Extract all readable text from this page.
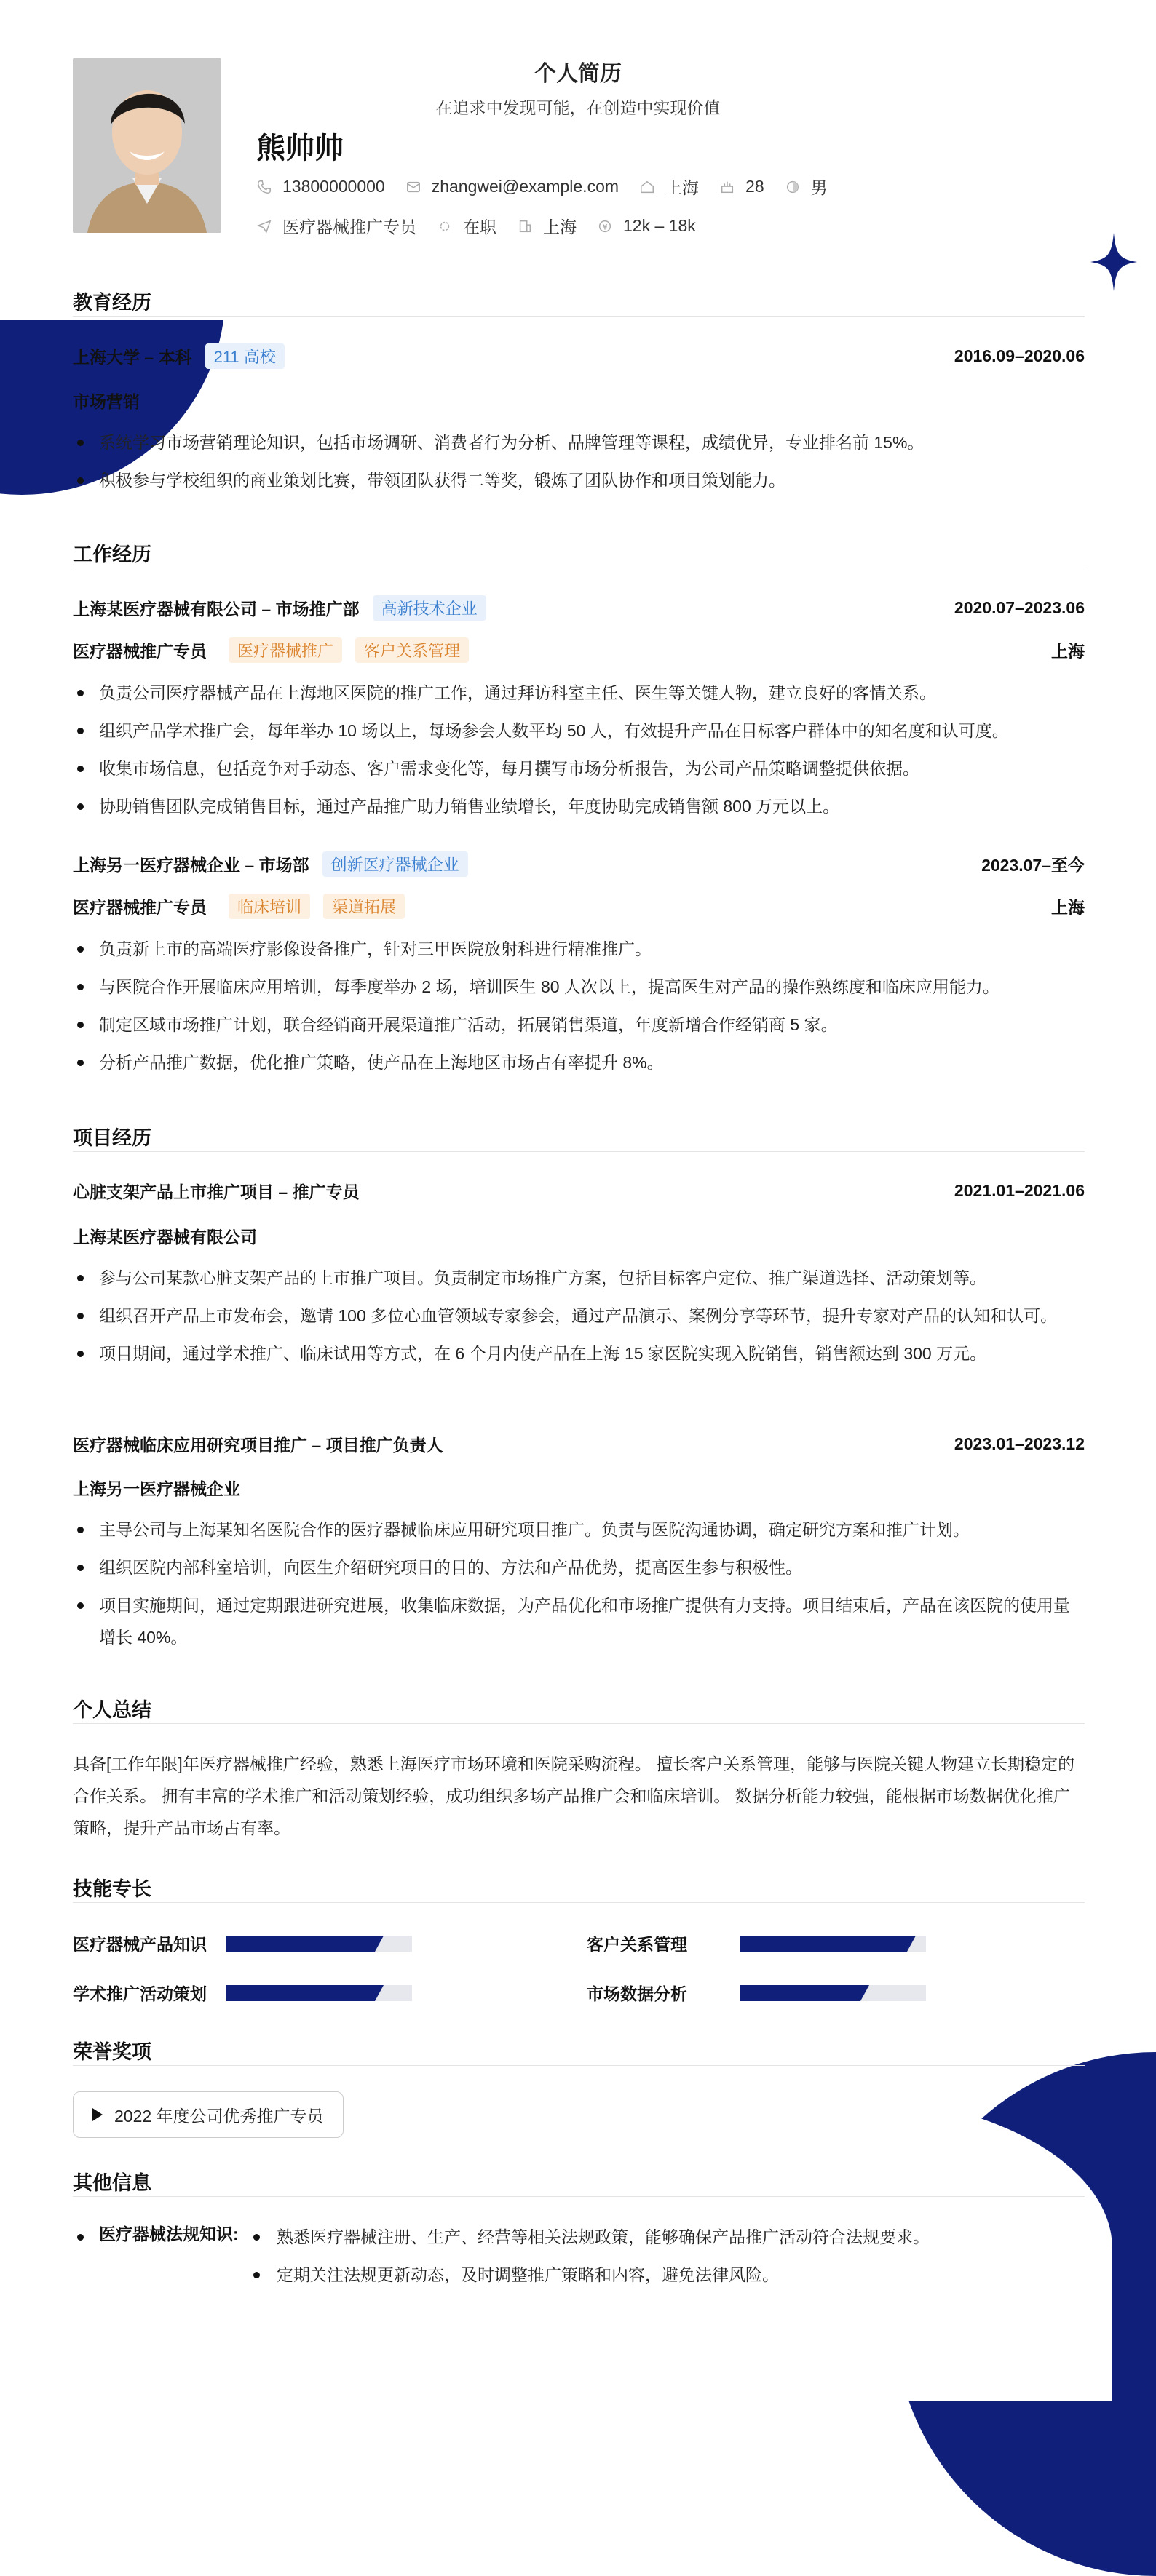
个人简历
在追求中发现可能，在创造中实现价值
熊帅帅
13800000000	zhangwei@example.com	上海	28	男
医疗器械推广专员	在职	上海	12k – 18k
教育经历
上海大学 – 本科	211 高校	2016.09–2020.06
市场营销
系统学习市场营销理论知识，包括市场调研、消费者行为分析、品牌管理等课程，成绩优异，专业排名前 15%。
积极参与学校组织的商业策划比赛，带领团队获得二等奖，锻炼了团队协作和项目策划能力。
工作经历
上海某医疗器械有限公司 – 市场推广部	高新技术企业	2020.07–2023.06
医疗器械推广专员	医疗器械推广	客户关系管理	上海
负责公司医疗器械产品在上海地区医院的推广工作，通过拜访科室主任、医生等关键人物，建立良好的客情关系。
组织产品学术推广会，每年举办 10 场以上，每场参会人数平均 50 人，有效提升产品在目标客户群体中的知名度和认可度。
收集市场信息，包括竞争对手动态、客户需求变化等，每月撰写市场分析报告，为公司产品策略调整提供依据。
协助销售团队完成销售目标，通过产品推广助力销售业绩增长，年度协助完成销售额 800 万元以上。
上海另一医疗器械企业 – 市场部	创新医疗器械企业	2023.07–至今
医疗器械推广专员	临床培训	渠道拓展	上海
负责新上市的高端医疗影像设备推广，针对三甲医院放射科进行精准推广。
与医院合作开展临床应用培训，每季度举办 2 场，培训医生 80 人次以上，提高医生对产品的操作熟练度和临床应用能力。
制定区域市场推广计划，联合经销商开展渠道推广活动，拓展销售渠道，年度新增合作经销商 5 家。
分析产品推广数据，优化推广策略，使产品在上海地区市场占有率提升 8%。
项目经历
心脏支架产品上市推广项目 – 推广专员	2021.01–2021.06
上海某医疗器械有限公司
参与公司某款心脏支架产品的上市推广项目。负责制定市场推广方案，包括目标客户定位、推广渠道选择、活动策划等。
组织召开产品上市发布会，邀请 100 多位心血管领域专家参会，通过产品演示、案例分享等环节，提升专家对产品的认知和认可。
项目期间，通过学术推广、临床试用等方式，在 6 个月内使产品在上海 15 家医院实现入院销售，销售额达到 300 万元。
医疗器械临床应用研究项目推广 – 项目推广负责人	2023.01–2023.12
上海另一医疗器械企业
主导公司与上海某知名医院合作的医疗器械临床应用研究项目推广。负责与医院沟通协调，确定研究方案和推广计划。
组织医院内部科室培训，向医生介绍研究项目的目的、方法和产品优势，提高医生参与积极性。
项目实施期间，通过定期跟进研究进展，收集临床数据，为产品优化和市场推广提供有力支持。项目结束后，产品在该医院的使用量增长 40%。
个人总结
具备[工作年限]年医疗器械推广经验，熟悉上海医疗市场环境和医院采购流程。 擅长客户关系管理，能够与医院关键人物建立长期稳定的合作关系。 拥有丰富的学术推广和活动策划经验，成功组织多场产品推广会和临床培训。 数据分析能力较强，能根据市场数据优化推广策略，提升产品市场占有率。
技能专长
医疗器械产品知识	客户关系管理
学术推广活动策划	市场数据分析
荣誉奖项
2022 年度公司优秀推广专员
其他信息
医疗器械法规知识:	熟悉医疗器械注册、生产、经营等相关法规政策，能够确保产品推广活动符合法规要求。
定期关注法规更新动态，及时调整推广策略和内容，避免法律风险。
